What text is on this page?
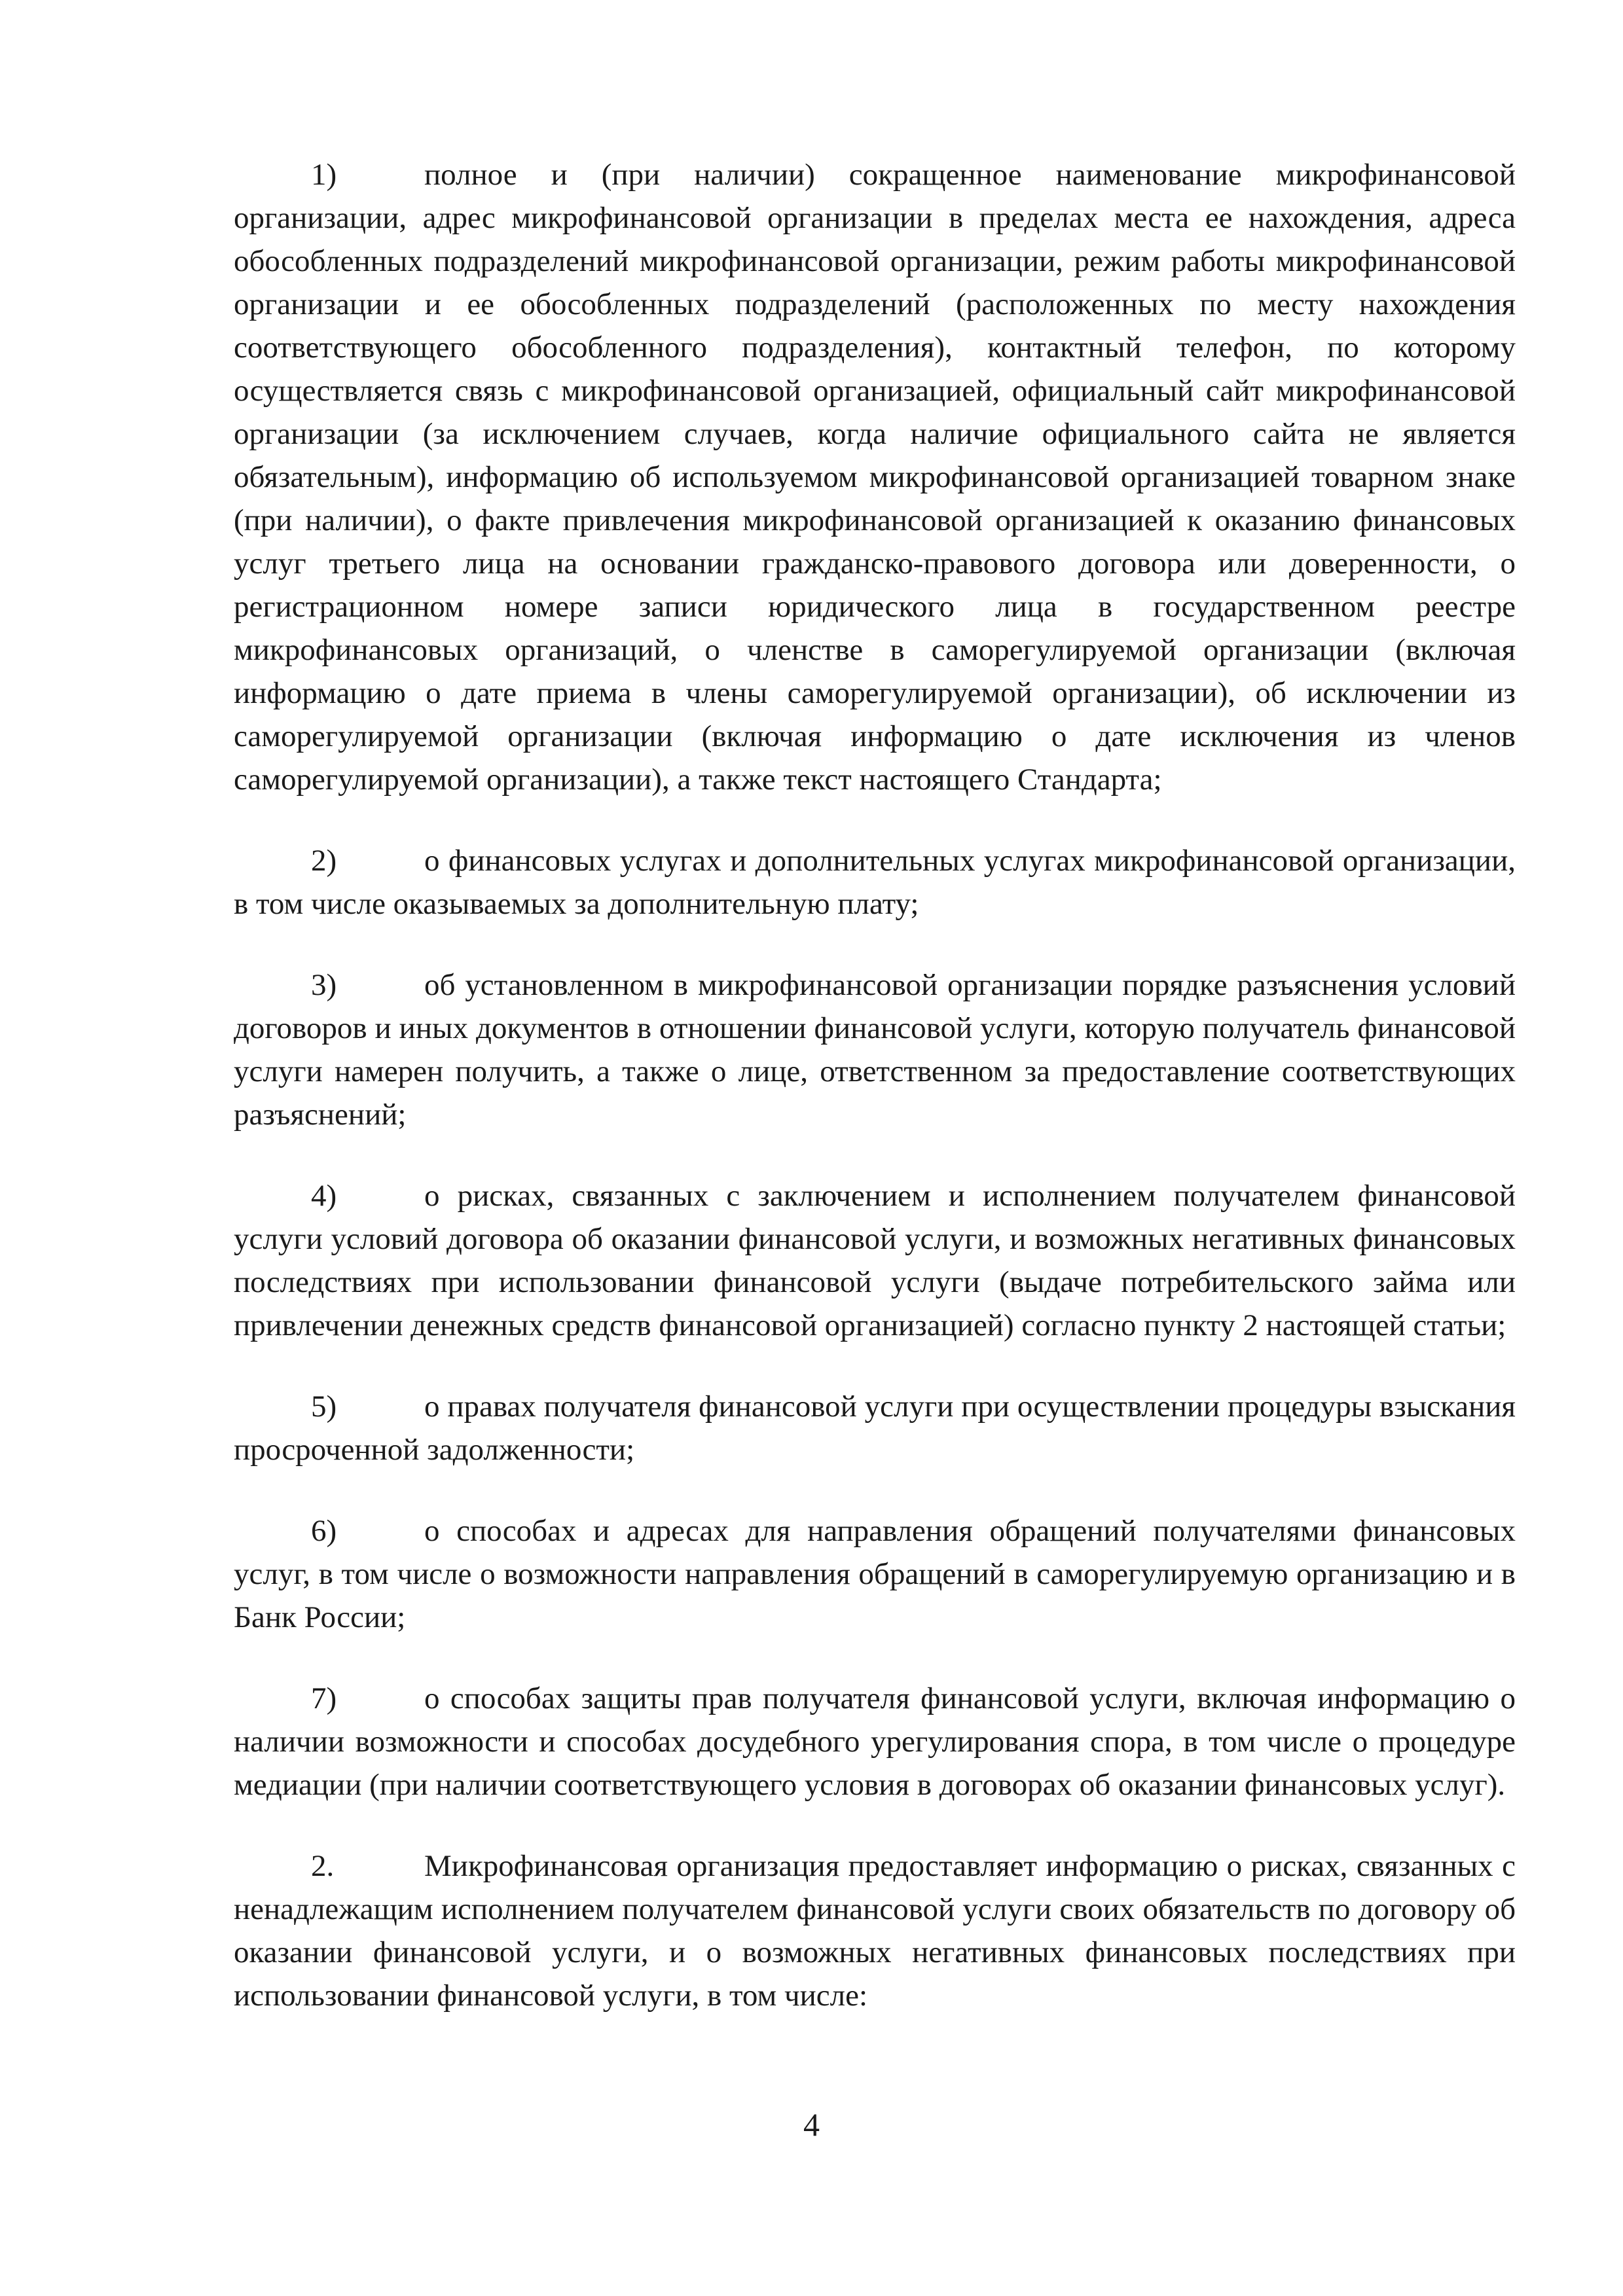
1)	полное и (при наличии) сокращенное наименование микрофинансовой организации, адрес микрофинансовой организации в пределах места ее нахождения, адреса обособленных подразделений микрофинансовой организации, режим работы микрофинансовой организации и ее обособленных подразделений (расположенных по месту нахождения соответствующего обособленного подразделения), контактный телефон, по которому осуществляется связь с микрофинансовой организацией, официальный сайт микрофинансовой организации (за исключением случаев, когда наличие официального сайта не является обязательным), информацию об используемом микрофинансовой организацией товарном знаке (при наличии), о факте привлечения микрофинансовой организацией к оказанию финансовых услуг третьего лица на основании гражданско-правового договора или доверенности, о регистрационном номере записи юридического лица в государственном реестре микрофинансовых организаций, о членстве в саморегулируемой организации (включая информацию о дате приема в члены саморегулируемой организации), об исключении из саморегулируемой организации (включая информацию о дате исключения из членов саморегулируемой организации), а также текст настоящего Стандарта;

2)	о финансовых услугах и дополнительных услугах микрофинансовой организации, в том числе оказываемых за дополнительную плату;

3)	об установленном в микрофинансовой организации порядке разъяснения условий договоров и иных документов в отношении финансовой услуги, которую получатель финансовой услуги намерен получить, а также о лице, ответственном за предоставление соответствующих разъяснений;

4)	о рисках, связанных с заключением и исполнением получателем финансовой услуги условий договора об оказании финансовой услуги, и возможных негативных финансовых последствиях при использовании финансовой услуги (выдаче потребительского займа или привлечении денежных средств финансовой организацией) согласно пункту 2 настоящей статьи;

5)	о правах получателя финансовой услуги при осуществлении процедуры взыскания просроченной задолженности;

6)	о способах и адресах для направления обращений получателями финансовых услуг, в том числе о возможности направления обращений в саморегулируемую организацию и в Банк России;

7)	о способах защиты прав получателя финансовой услуги, включая информацию о наличии возможности и способах досудебного урегулирования спора, в том числе о процедуре медиации (при наличии соответствующего условия в договорах об оказании финансовых услуг).

2.	Микрофинансовая организация предоставляет информацию о рисках, связанных с ненадлежащим исполнением получателем финансовой услуги своих обязательств по договору об оказании финансовой услуги, и о возможных негативных финансовых последствиях при использовании финансовой услуги, в том числе:

4
